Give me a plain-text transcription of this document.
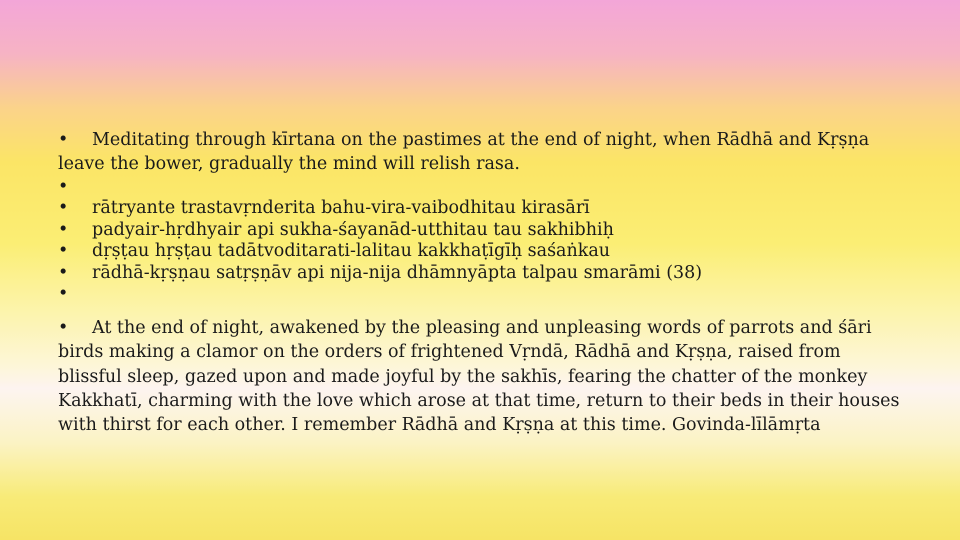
• Meditating through kīrtana on the pastimes at the end of night, when Rādhā and Kṛṣṇa leave the bower, gradually the mind will relish rasa.

•
• rātryante trastavṛnderita bahu-vira-vaibodhitau kirasārī
• padyair-hṛdhyair api sukha-śayanād-utthitau tau sakhibhiḥ
• dṛṣṭau hṛṣṭau tadātvoditarati-lalitau kakkhaṭīgīḥ saśaṅkau
• rādhā-kṛṣṇau satṛṣṇāv api nija-nija dhāmnyāpta talpau smarāmi (38)
•

• At the end of night, awakened by the pleasing and unpleasing words of parrots and śāri birds making a clamor on the orders of frightened Vṛndā, Rādhā and Kṛṣṇa, raised from blissful sleep, gazed upon and made joyful by the sakhīs, fearing the chatter of the monkey Kakkhatī, charming with the love which arose at that time, return to their beds in their houses with thirst for each other. I remember Rādhā and Kṛṣṇa at this time. Govinda-līlāmṛta
